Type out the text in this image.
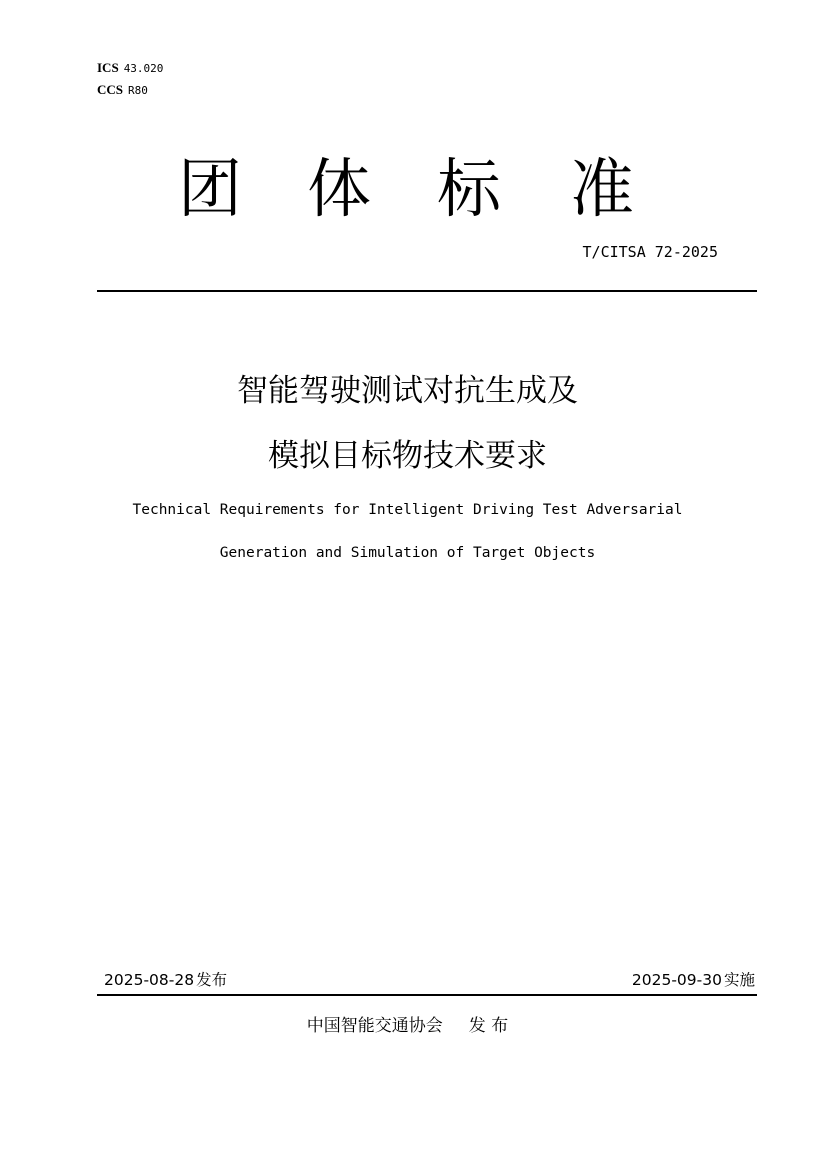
ICS 43.020
CCS R80
团 体 标 准
T/CITSA 72-2025
智能驾驶测试对抗生成及
模拟目标物技术要求
Technical Requirements for Intelligent Driving Test Adversarial
Generation and Simulation of Target Objects
2025-08-28 发布	2025-09-30 实施
中国智能交通协会 发 布
